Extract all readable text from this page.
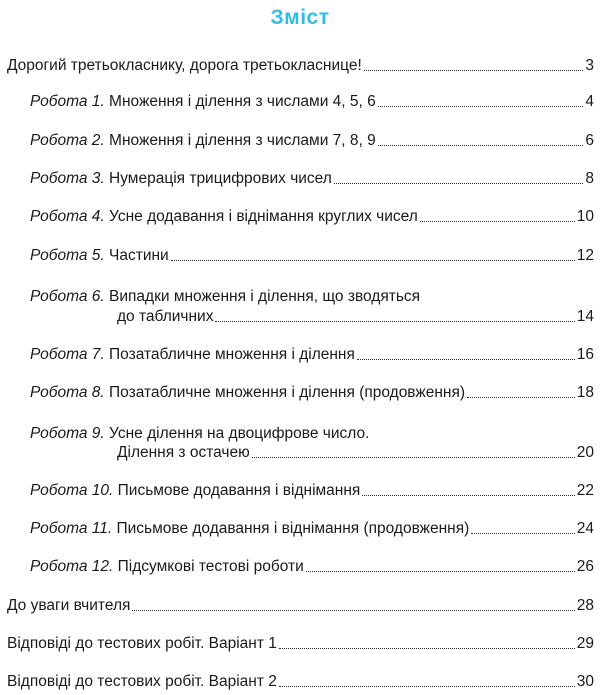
Зміст
Дорогий третьокласнику, дорога третьокласнице!	3
Робота 1. Множення і ділення з числами 4, 5, 6	4
Робота 2. Множення і ділення з числами 7, 8, 9	6
Робота 3. Нумерація трицифрових чисел	8
Робота 4. Усне додавання і віднімання круглих чисел	10
Робота 5. Частини	12
Робота 6. Випадки множення і ділення, що зводяться
до табличних	14
Робота 7. Позатабличне множення і ділення	16
Робота 8. Позатабличне множення і ділення (продовження)	18
Робота 9. Усне ділення на двоцифрове число.
Ділення з остачею	20
Робота 10. Письмове додавання і віднімання	22
Робота 11. Письмове додавання і віднімання (продовження)	24
Робота 12. Підсумкові тестові роботи	26
До уваги вчителя	28
Відповіді до тестових робіт. Варіант 1	29
Відповіді до тестових робіт. Варіант 2	30
